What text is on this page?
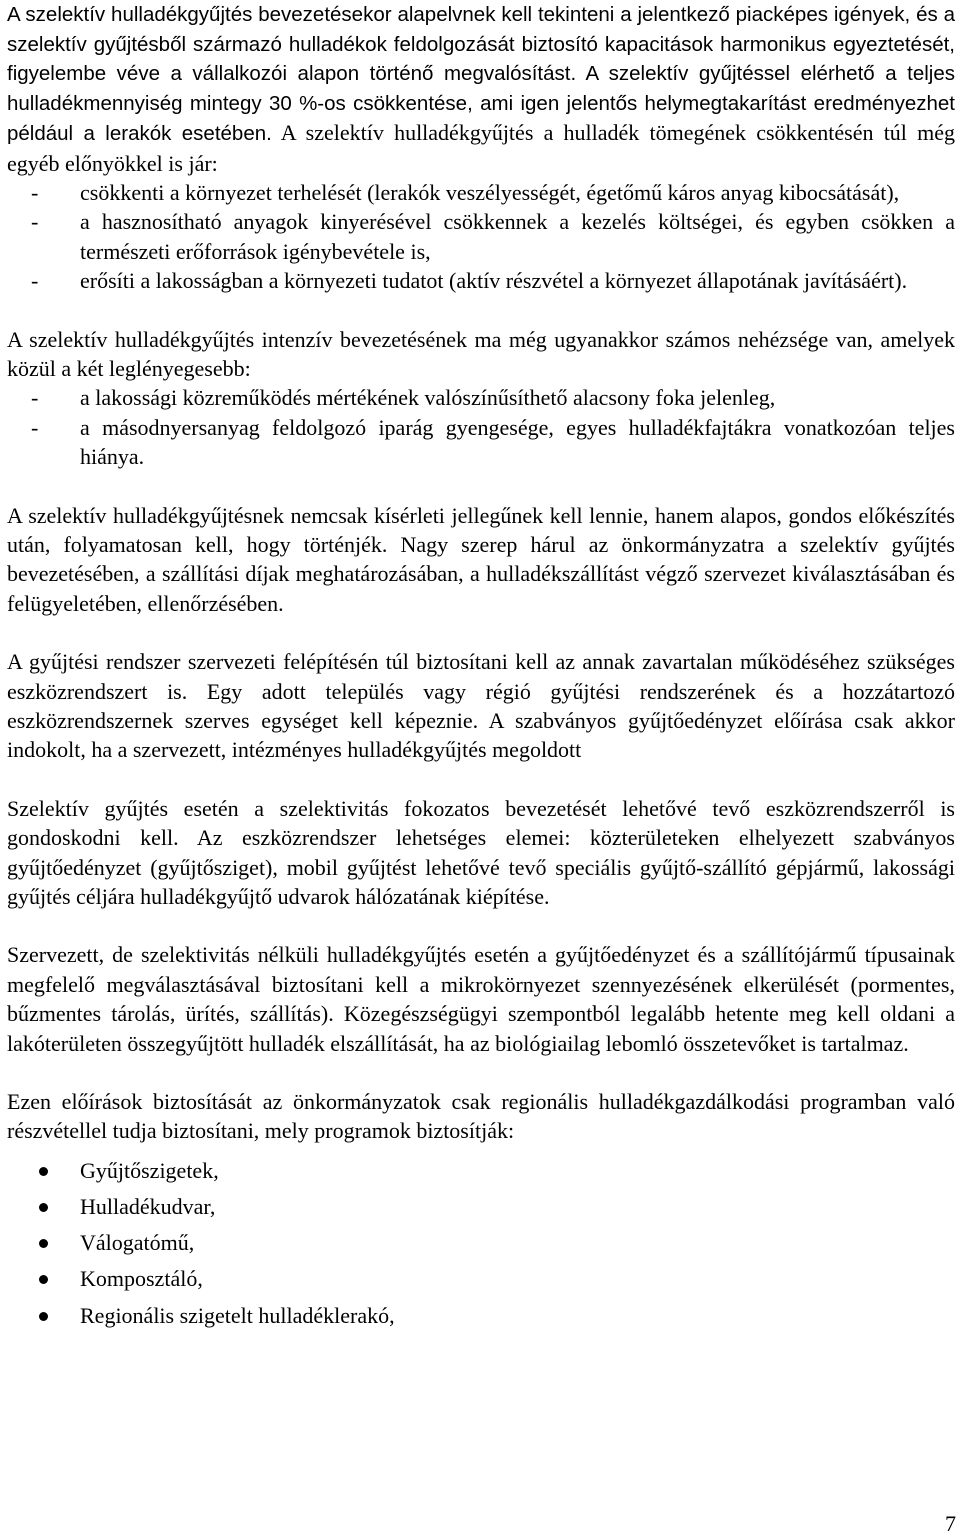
A szelektív hulladékgyűjtés bevezetésekor alapelvnek kell tekinteni a jelentkező piacképes igények, és a szelektív gyűjtésből származó hulladékok feldolgozását biztosító kapacitások harmonikus egyeztetését, figyelembe véve a vállalkozói alapon történő megvalósítást. A szelektív gyűjtéssel elérhető a teljes hulladékmennyiség mintegy 30 %-os csökkentése, ami igen jelentős helymegtakarítást eredményezhet például a lerakók esetében. A szelektív hulladékgyűjtés a hulladék tömegének csökkentésén túl még egyéb előnyökkel is jár:

- csökkenti a környezet terhelését (lerakók veszélyességét, égetőmű káros anyag kibocsátását),
- a hasznosítható anyagok kinyerésével csökkennek a kezelés költségei, és egyben csökken a természeti erőforrások igénybevétele is,
- erősíti a lakosságban a környezeti tudatot (aktív részvétel a környezet állapotának javításáért).

A szelektív hulladékgyűjtés intenzív bevezetésének ma még ugyanakkor számos nehézsége van, amelyek közül a két leglényegesebb:

- a lakossági közreműködés mértékének valószínűsíthető alacsony foka jelenleg,
- a másodnyersanyag feldolgozó iparág gyengesége, egyes hulladékfajtákra vonatkozóan teljes hiánya.

A szelektív hulladékgyűjtésnek nemcsak kísérleti jellegűnek kell lennie, hanem alapos, gondos előkészítés után, folyamatosan kell, hogy történjék. Nagy szerep hárul az önkormányzatra a szelektív gyűjtés bevezetésében, a szállítási díjak meghatározásában, a hulladékszállítást végző szervezet kiválasztásában és felügyeletében, ellenőrzésében.

A gyűjtési rendszer szervezeti felépítésén túl biztosítani kell az annak zavartalan működéséhez szükséges eszközrendszert is. Egy adott település vagy régió gyűjtési rendszerének és a hozzátartozó eszközrendszernek szerves egységet kell képeznie. A szabványos gyűjtőedényzet előírása csak akkor indokolt, ha a szervezett, intézményes hulladékgyűjtés megoldott

Szelektív gyűjtés esetén a szelektivitás fokozatos bevezetését lehetővé tevő eszközrendszerről is gondoskodni kell. Az eszközrendszer lehetséges elemei: közterületeken elhelyezett szabványos gyűjtőedényzet (gyűjtősziget), mobil gyűjtést lehetővé tevő speciális gyűjtő-szállító gépjármű, lakossági gyűjtés céljára hulladékgyűjtő udvarok hálózatának kiépítése.

Szervezett, de szelektivitás nélküli hulladékgyűjtés esetén a gyűjtőedényzet és a szállítójármű típusainak megfelelő megválasztásával biztosítani kell a mikrokörnyezet szennyezésének elkerülését (pormentes, bűzmentes tárolás, ürítés, szállítás). Közegészségügyi szempontból legalább hetente meg kell oldani a lakóterületen összegyűjtött hulladék elszállítását, ha az biológiailag lebomló összetevőket is tartalmaz.

Ezen előírások biztosítását az önkormányzatok csak regionális hulladékgazdálkodási programban való részvétellel tudja biztosítani, mely programok biztosítják:

Gyűjtőszigetek,
Hulladékudvar,
Válogatómű,
Komposztáló,
Regionális szigetelt hulladéklerakó,
7
